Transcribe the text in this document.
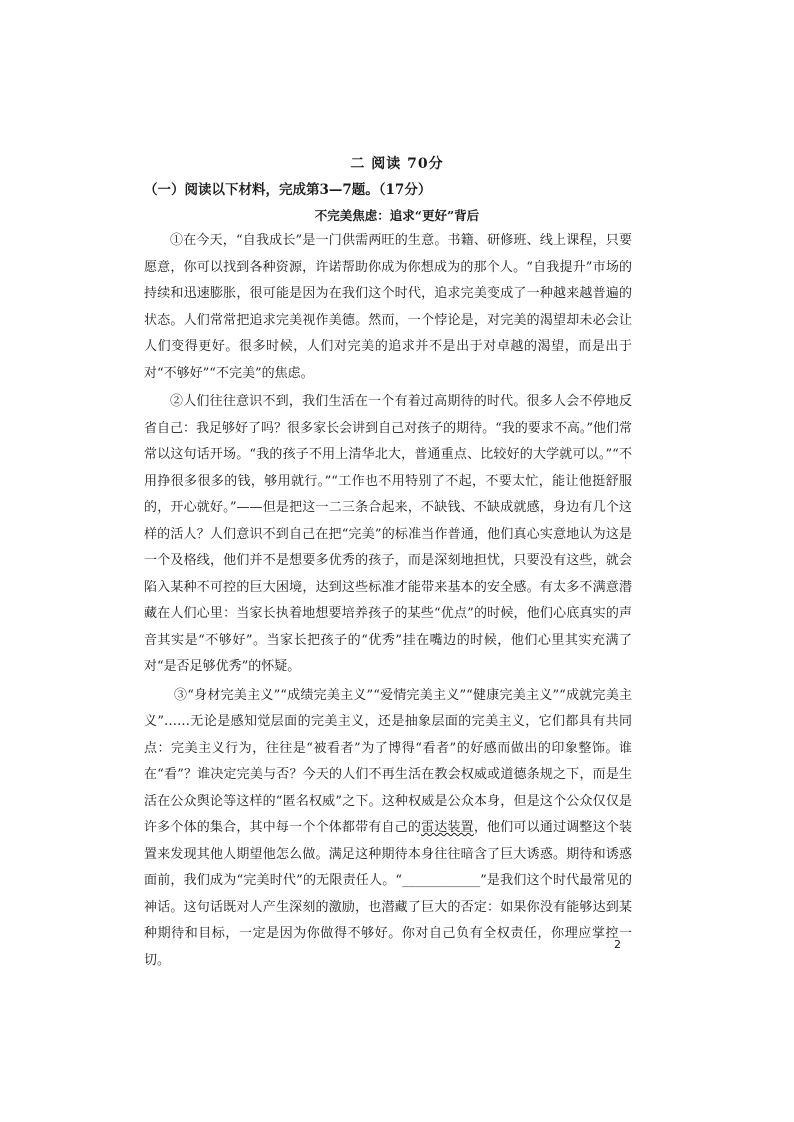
二 阅读 70分

（一）阅读以下材料，完成第3—7题。（17分）

不完美焦虑：追求“更好”背后

①在今天，“自我成长”是一门供需两旺的生意。书籍、研修班、线上课程，只要愿意，你可以找到各种资源，许诺帮助你成为你想成为的那个人。“自我提升”市场的持续和迅速膨胀，很可能是因为在我们这个时代，追求完美变成了一种越来越普遍的状态。人们常常把追求完美视作美德。然而，一个悖论是，对完美的渴望却未必会让人们变得更好。很多时候，人们对完美的追求并不是出于对卓越的渴望，而是出于对“不够好”“不完美”的焦虑。

②人们往往意识不到，我们生活在一个有着过高期待的时代。很多人会不停地反省自己：我足够好了吗？很多家长会讲到自己对孩子的期待。“我的要求不高。”他们常常以这句话开场。“我的孩子不用上清华北大，普通重点、比较好的大学就可以。”“不用挣很多很多的钱，够用就行。”“工作也不用特别了不起，不要太忙，能让他挺舒服的，开心就好。”——但是把这一二三条合起来，不缺钱、不缺成就感，身边有几个这样的活人？人们意识不到自己在把“完美”的标准当作普通，他们真心实意地认为这是一个及格线，他们并不是想要多优秀的孩子，而是深刻地担忧，只要没有这些，就会陷入某种不可控的巨大困境，达到这些标准才能带来基本的安全感。有太多不满意潜藏在人们心里：当家长执着地想要培养孩子的某些“优点”的时候，他们心底真实的声音其实是“不够好”。当家长把孩子的“优秀”挂在嘴边的时候，他们心里其实充满了对“是否足够优秀”的怀疑。

③“身材完美主义”“成绩完美主义”“爱情完美主义”“健康完美主义”“成就完美主义”……无论是感知觉层面的完美主义，还是抽象层面的完美主义，它们都具有共同点：完美主义行为，往往是“被看者”为了博得“看者”的好感而做出的印象整饰。谁在“看”？谁决定完美与否？今天的人们不再生活在教会权威或道德条规之下，而是生活在公众舆论等这样的“匿名权威”之下。这种权威是公众本身，但是这个公众仅仅是许多个体的集合，其中每一个个体都带有自己的雷达装置，他们可以通过调整这个装置来发现其他人期望他怎么做。满足这种期待本身往往暗含了巨大诱惑。期待和诱惑面前，我们成为“完美时代”的无限责任人。“____________”是我们这个时代最常见的神话。这句话既对人产生深刻的激励，也潜藏了巨大的否定：如果你没有能够达到某种期待和目标，一定是因为你做得不够好。你对自己负有全权责任，你理应掌控一切。

2
